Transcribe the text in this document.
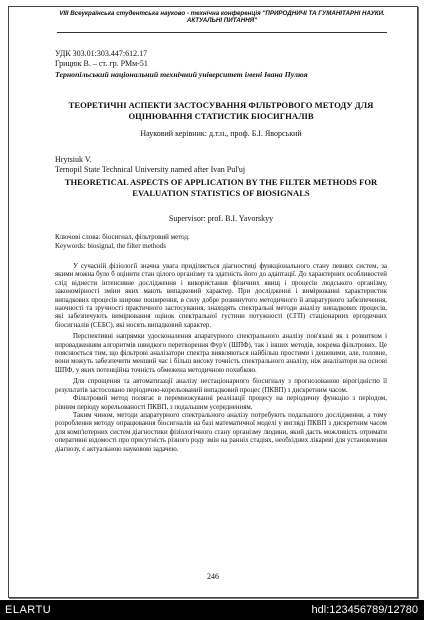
VIII Всеукраїнська студентська науково - технічна конференція "ПРИРОДНИЧІ ТА ГУМАНІТАРНІ НАУКИ.
АКТУАЛЬНІ ПИТАННЯ"
УДК 303.01:303.447:612.17
Грицюк В. – ст. гр. РМм-51
Тернопільський національний технічний університет імені Івана Пулюя
ТЕОРЕТИЧНІ АСПЕКТИ ЗАСТОСУВАННЯ ФІЛЬТРОВОГО МЕТОДУ ДЛЯ ОЦІНЮВАННЯ СТАТИСТИК БІОСИГНАЛІВ
Науковий керівник: д.т.н., проф. Б.І. Яворський
Hrytsiuk V.
Ternopil State Technical University named after Ivan Pul'uj
THEORETICAL ASPECTS OF APPLICATION BY THE FILTER METHODS FOR EVALUATION STATISTICS OF BIOSIGNALS
Supervisor: prof. B.I. Yavorskyy
Ключові слова: біосигнал, фільтровий метод.
Keywords: biosignal, the filter methods

У сучасній фізіології значна увага приділяється діагностиці функціонального стану певних систем, за якими можна було б оцінити стан цілого організму та здатність його до адаптації. До характерних особливостей слід віднести інтенсивне дослідження і використання фізичних явищ і процесів людського організму, закономірності зміни яких мають випадковий характер. При дослідженні і вимірюванні характеристик випадкових процесів широке поширення, в силу добре розвинутого методичного й апаратурного забезпечення, наочності та зручності практичного застосування, знаходять спектральні методи аналізу випадкових процесів, які забезпечують вимірювання оцінок спектральної густини потужності (СГП) стаціонарних ергодичних біосигналів (СЕБС), які носять випадковий характер.

Перспективні напрямки удосконалення апаратурного спектрального аналізу пов'язані як з розвитком і впровадженням алгоритмів швидкого перетворення Фур'є (ШПФ), так і інших методів, зокрема фільтрових. Це пояснюється тим, що фільтрові аналізатори спектра виявляються найбільш простими і дешевими, але, головне, вони можуть забезпечити менший час і більш високу точність спектрального аналізу, ніж аналізатори на основі ШПФ, у яких потенційна точність обмежена методичною похибкою.

Для спрощення та автоматизації аналізу нестаціонарного біосигналу з прогнозованою вірогідністю її результатів застосовано періодично-корельований випадковий процес (ПКВП) з дискретним часом.

Фільтровий метод полягає в перемножуванні реалізації процесу на періодичну функцію з періодом, рівним періоду корельованості ПКВП, з подальшим усередненням.

Таким чином, методи апаратурного спектрального аналізу потребують подальшого дослідження, а тому розроблення методу опрацювання біосигналів на базі математичної моделі у вигляді ПКВП з дискретним часом для комп'ютерних систем діагностики фізіологічного стану організму людини, який дасть можливість отримати оперативні відомості про присутність різного роду змін на ранніх стадіях, необхідних лікареві для установлення діагнозу, є актуальною науковою задачею.

246
ELARTU	hdl:123456789/12780
